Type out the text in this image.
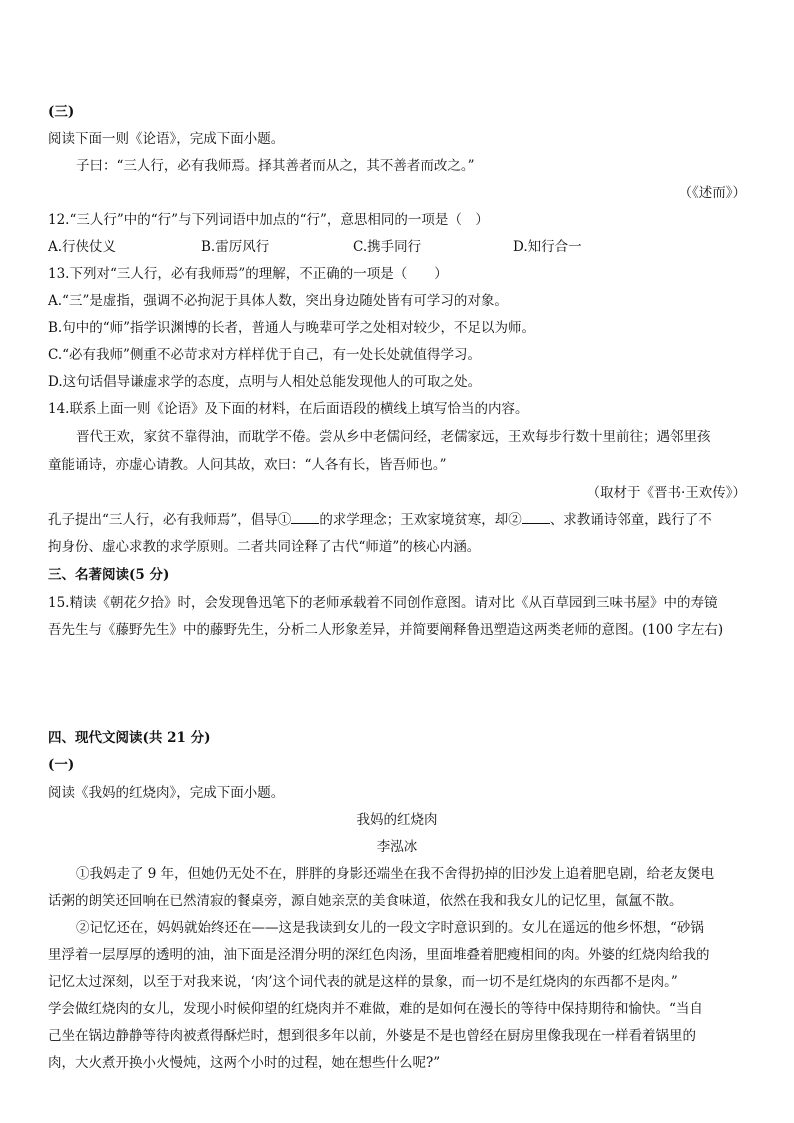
(三)
阅读下面一则《论语》，完成下面小题。
子曰：“三人行，必有我师焉。择其善者而从之，其不善者而改之。”
（《述而》）
12.“三人行”中的“行”与下列词语中加点的“行”，意思相同的一项是（　）
A.行侠仗义	B.雷厉风行	C.携手同行	D.知行合一
13.下列对“三人行，必有我师焉”的理解，不正确的一项是（　　）
A.“三”是虚指，强调不必拘泥于具体人数，突出身边随处皆有可学习的对象。
B.句中的“师”指学识渊博的长者，普通人与晚辈可学之处相对较少，不足以为师。
C.“必有我师”侧重不必苛求对方样样优于自己，有一处长处就值得学习。
D.这句话倡导谦虚求学的态度，点明与人相处总能发现他人的可取之处。
14.联系上面一则《论语》及下面的材料，在后面语段的横线上填写恰当的内容。
晋代王欢，家贫不靠得油，而耽学不倦。尝从乡中老儒问经，老儒家远，王欢每步行数十里前往；遇邻里孩
童能诵诗，亦虚心请教。人问其故，欢曰：“人各有长，皆吾师也。”
（取材于《晋书·王欢传》）
孔子提出“三人行，必有我师焉”，倡导① 的求学理念；王欢家境贫寒，却② 、求教诵诗邻童，践行了不
拘身份、虚心求教的求学原则。二者共同诠释了古代“师道”的核心内涵。
三、名著阅读(5 分)
15.精读《朝花夕拾》时，会发现鲁迅笔下的老师承载着不同创作意图。请对比《从百草园到三味书屋》中的寿镜
吾先生与《藤野先生》中的藤野先生，分析二人形象差异，并简要阐释鲁迅塑造这两类老师的意图。(100 字左右)
四、现代文阅读(共 21 分)
(一)
阅读《我妈的红烧肉》，完成下面小题。
我妈的红烧肉
李泓冰
①我妈走了 9 年，但她仍无处不在，胖胖的身影还端坐在我不舍得扔掉的旧沙发上追着肥皂剧，给老友煲电
话粥的朗笑还回响在已然清寂的餐桌旁，源自她亲烹的美食味道，依然在我和我女儿的记忆里，氤氲不散。
②记忆还在，妈妈就始终还在——这是我读到女儿的一段文字时意识到的。女儿在遥远的他乡怀想，“砂锅
里浮着一层厚厚的透明的油，油下面是泾渭分明的深红色肉汤，里面堆叠着肥瘦相间的肉。外婆的红烧肉给我的
记忆太过深刻，以至于对我来说，‘肉’这个词代表的就是这样的景象，而一切不是红烧肉的东西都不是肉。”
学会做红烧肉的女儿，发现小时候仰望的红烧肉并不难做，难的是如何在漫长的等待中保持期待和愉快。“当自
己坐在锅边静静等待肉被煮得酥烂时，想到很多年以前，外婆是不是也曾经在厨房里像我现在一样看着锅里的
肉，大火煮开换小火慢炖，这两个小时的过程，她在想些什么呢?”
